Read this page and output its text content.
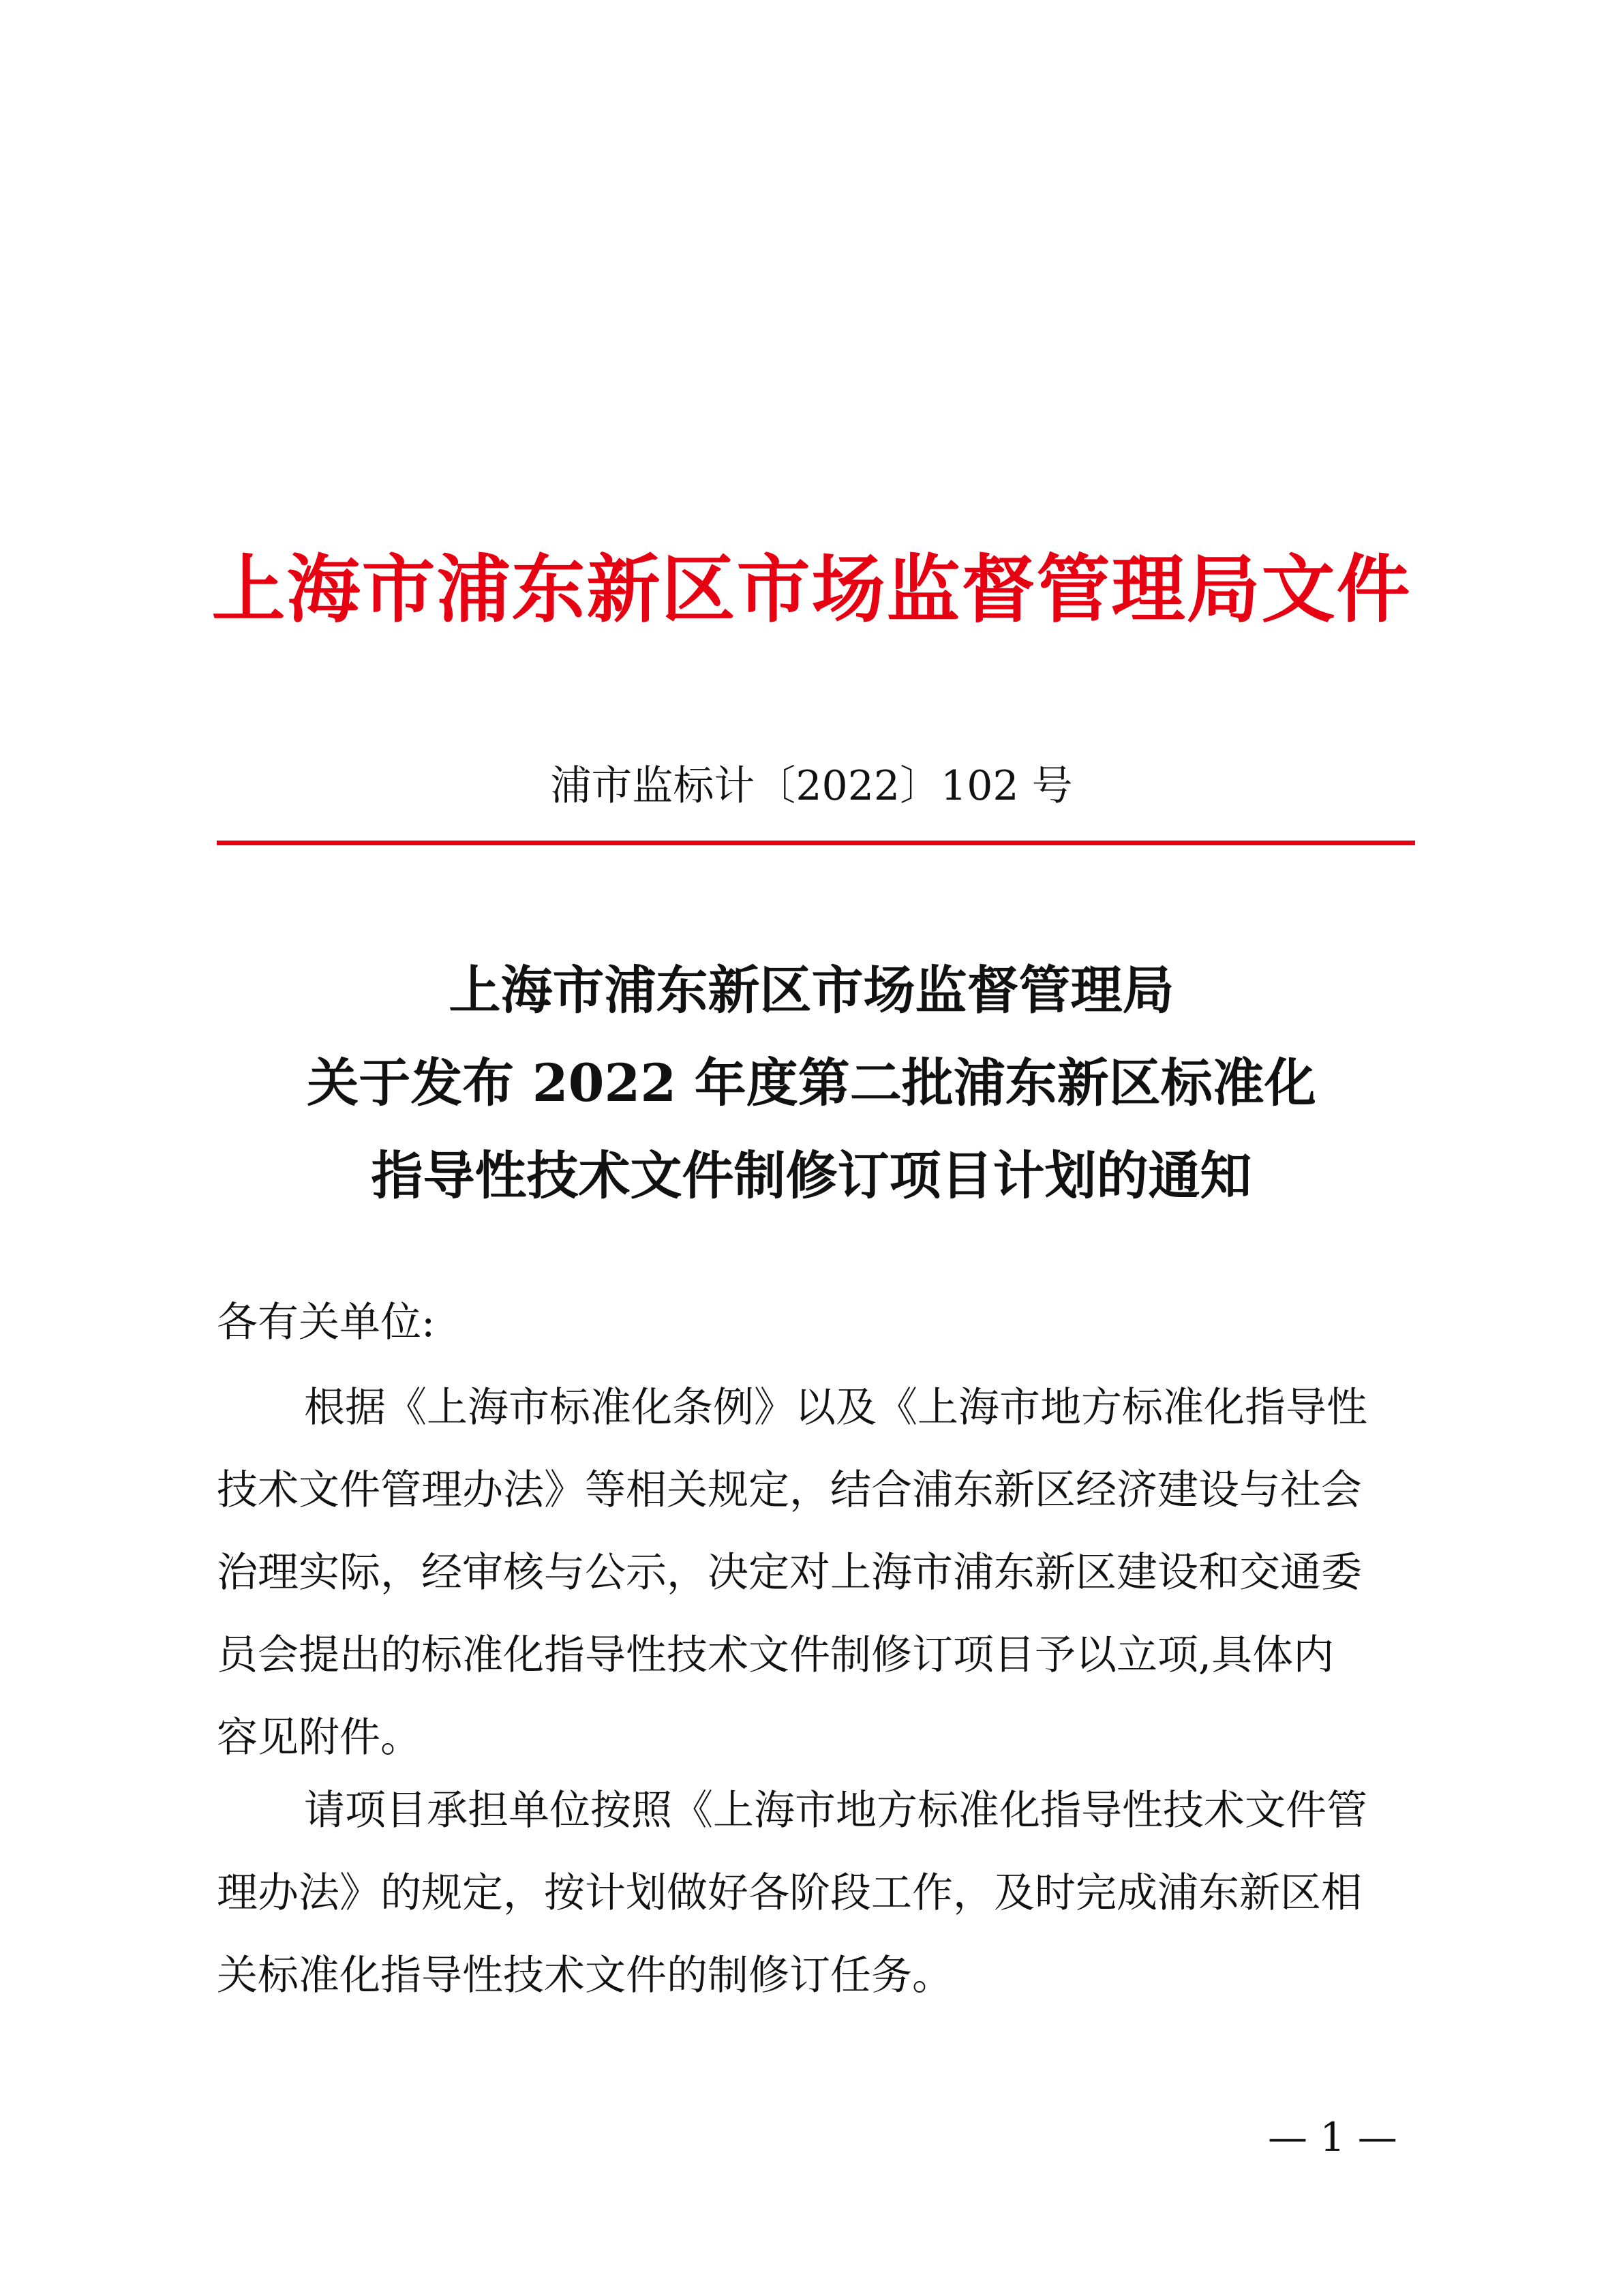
上海市浦东新区市场监督管理局文件
浦市监标计〔2022〕102 号
上海市浦东新区市场监督管理局
关于发布 2022 年度第二批浦东新区标准化
指导性技术文件制修订项目计划的通知
各有关单位:
根据《上海市标准化条例》以及《上海市地方标准化指导性
技术文件管理办法》等相关规定，结合浦东新区经济建设与社会
治理实际，经审核与公示，决定对上海市浦东新区建设和交通委
员会提出的标准化指导性技术文件制修订项目予以立项,具体内
容见附件。
请项目承担单位按照《上海市地方标准化指导性技术文件管
理办法》的规定，按计划做好各阶段工作，及时完成浦东新区相
关标准化指导性技术文件的制修订任务。
— 1 —
